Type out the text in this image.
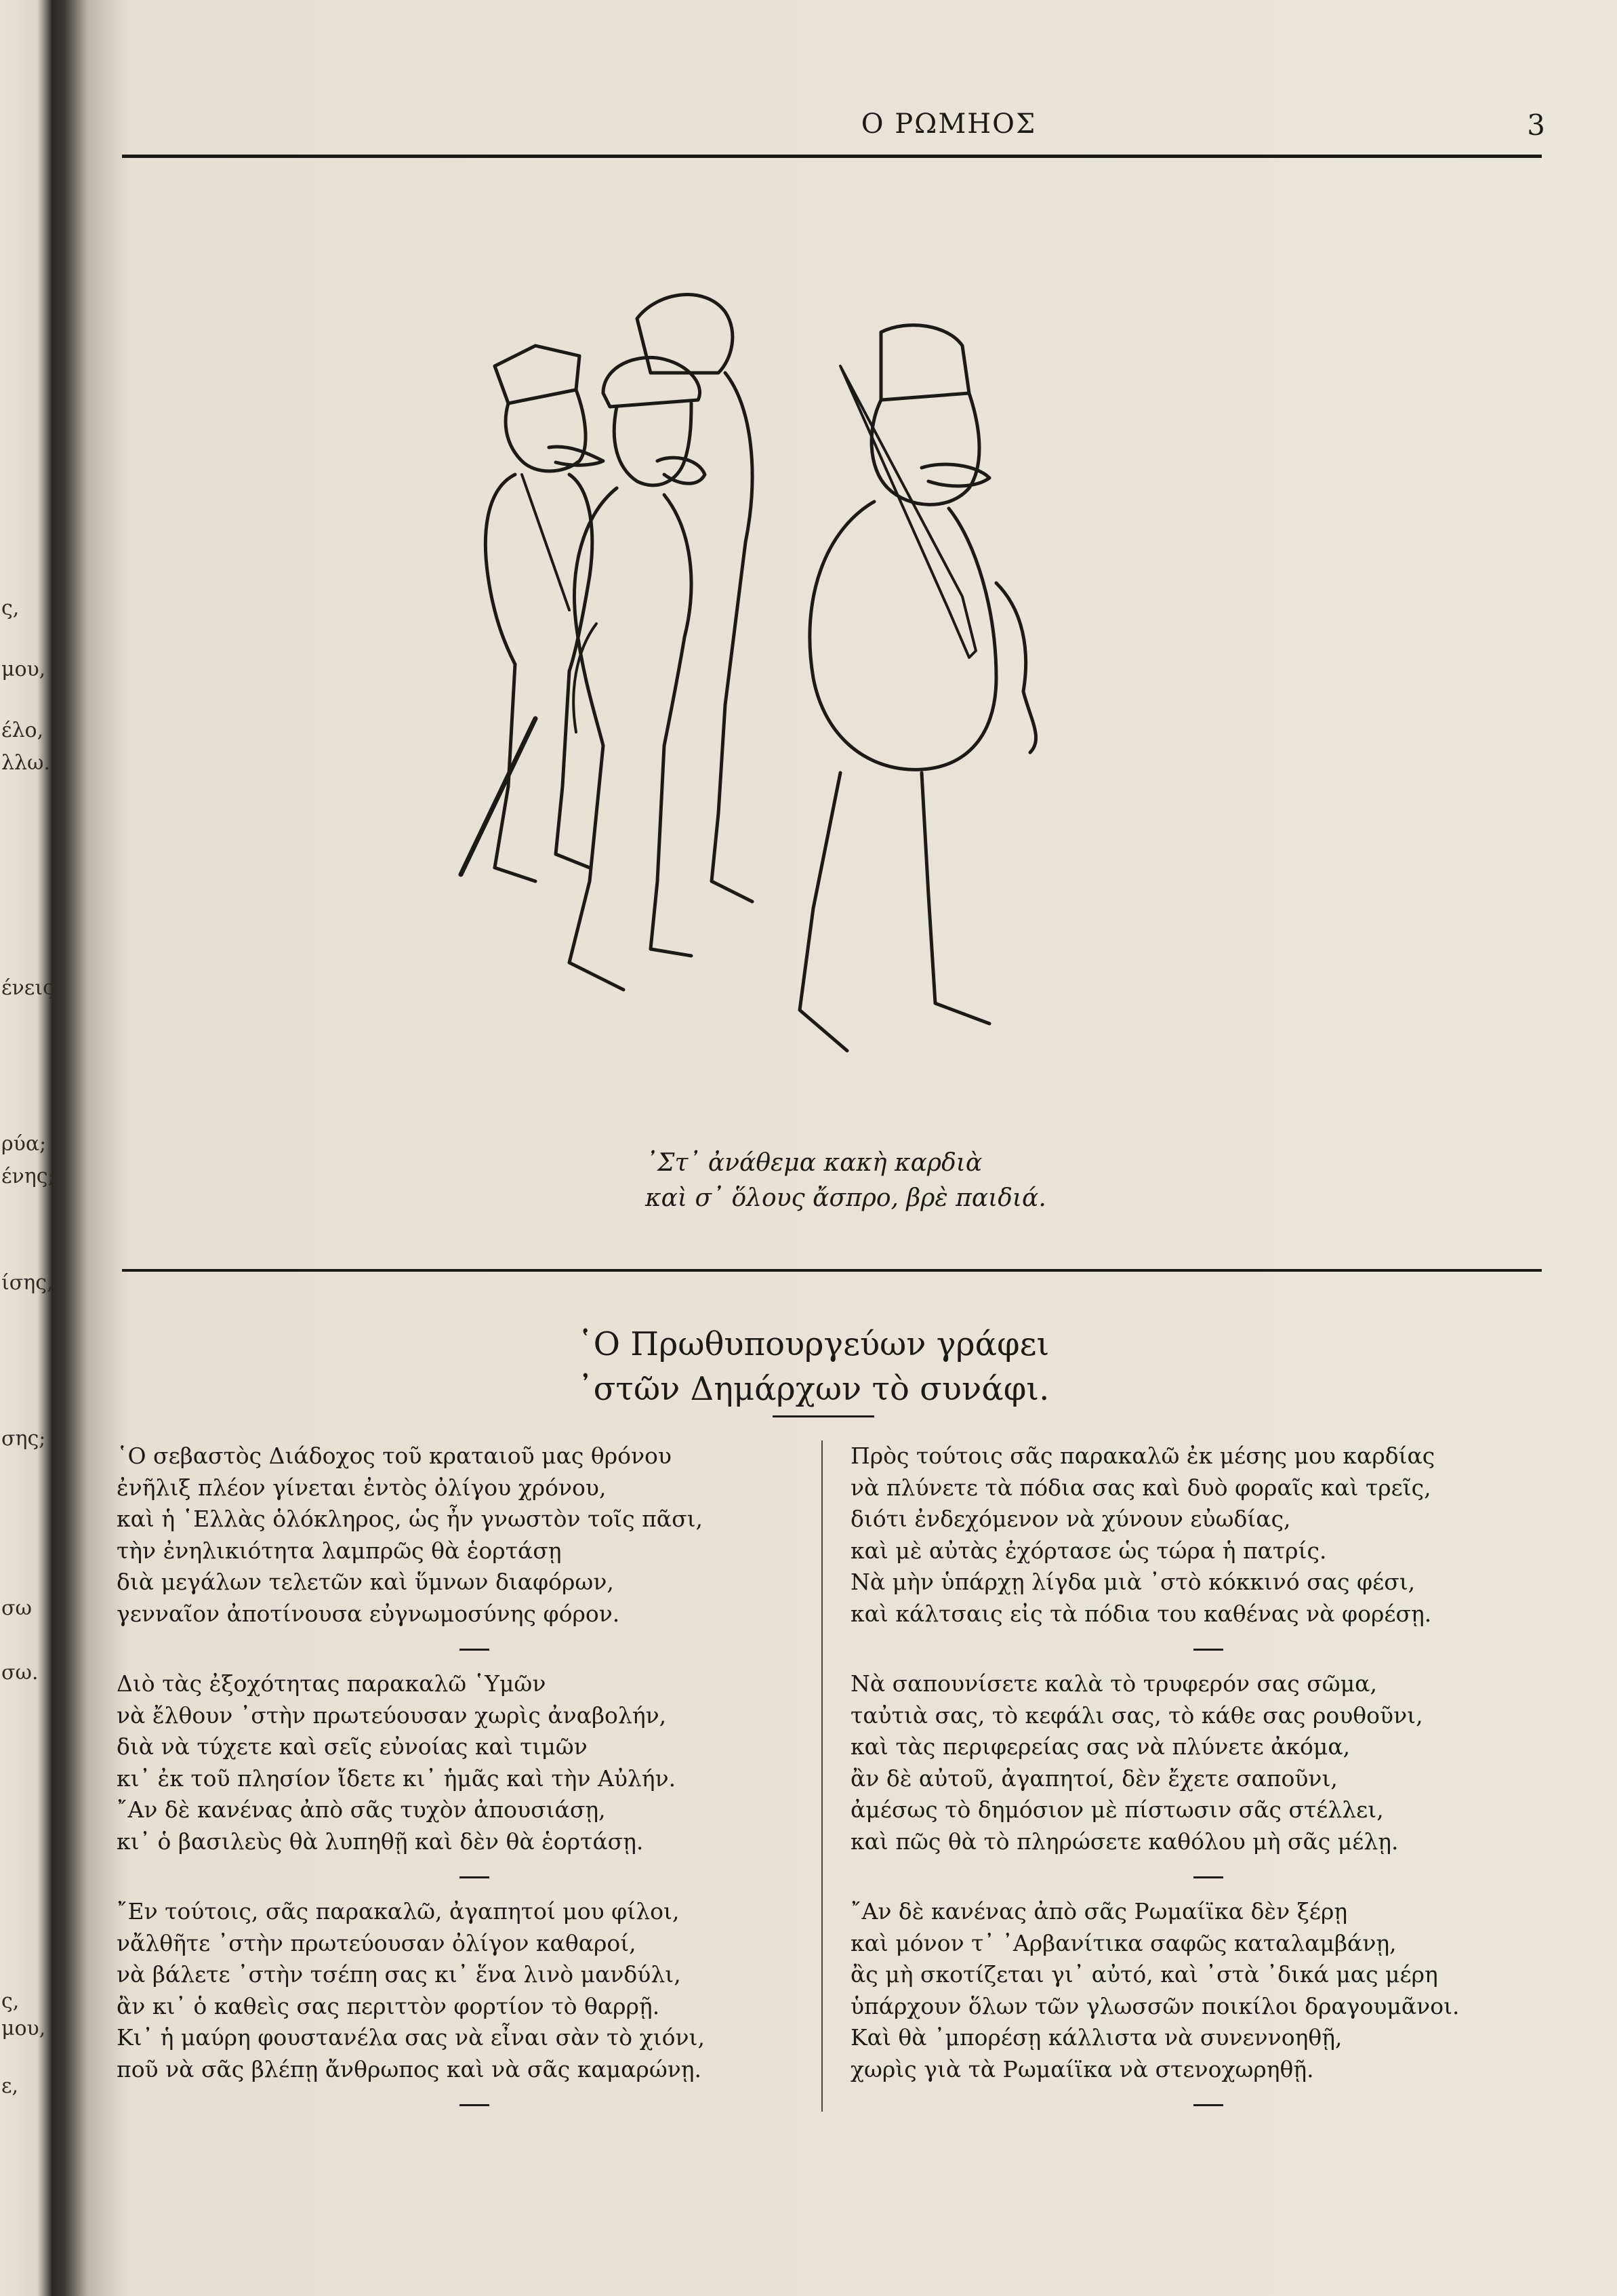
ς,
μου,
έλο,
λλω.
ένεις
ρύα;
ένης;
ίσης,
σης;
σω
σω.
ς,
μου,
ε,
Ο ΡΩΜΗΟΣ	3
᾿Στ᾿ ἀνάθεμα κακὴ καρδιὰ
καὶ σ᾿ ὅλους ἄσπρο, βρὲ παιδιά.
῾Ο Πρωθυπουργεύων γράφει
᾿στῶν Δημάρχων τὸ συνάφι.
῾Ο σεβαστὸς Διάδοχος τοῦ κραταιοῦ μας θρόνου
ἐνῆλιξ πλέον γίνεται ἐντὸς ὀλίγου χρόνου,
καὶ ἡ ῾Ελλὰς ὁλόκληρος, ὡς ἦν γνωστὸν τοῖς πᾶσι,
τὴν ἐνηλικιότητα λαμπρῶς θὰ ἑορτάσῃ
διὰ μεγάλων τελετῶν καὶ ὕμνων διαφόρων,
γενναῖον ἀποτίνουσα εὐγνωμοσύνης φόρον.
Διὸ τὰς ἐξοχότητας παρακαλῶ ῾Υμῶν
νὰ ἔλθουν ᾿στὴν πρωτεύουσαν χωρὶς ἀναβολήν,
διὰ νὰ τύχετε καὶ σεῖς εὐνοίας καὶ τιμῶν
κι᾿ ἐκ τοῦ πλησίον ἴδετε κι᾿ ἡμᾶς καὶ τὴν Αὐλήν.
῎Αν δὲ κανένας ἀπὸ σᾶς τυχὸν ἀπουσιάσῃ,
κι᾿ ὁ βασιλεὺς θὰ λυπηθῇ καὶ δὲν θὰ ἑορτάσῃ.
῎Εν τούτοις, σᾶς παρακαλῶ, ἀγαπητοί μου φίλοι,
νἄλθῆτε ᾿στὴν πρωτεύουσαν ὀλίγον καθαροί,
νὰ βάλετε ᾿στὴν τσέπη σας κι᾿ ἕνα λινὸ μανδύλι,
ἂν κι᾿ ὁ καθεὶς σας περιττὸν φορτίον τὸ θαρρῇ.
Κι᾿ ἡ μαύρη φουστανέλα σας νὰ εἶναι σὰν τὸ χιόνι,
ποῦ νὰ σᾶς βλέπῃ ἄνθρωπος καὶ νὰ σᾶς καμαρώνῃ.
Πρὸς τούτοις σᾶς παρακαλῶ ἐκ μέσης μου καρδίας
νὰ πλύνετε τὰ πόδια σας καὶ δυὸ φοραῖς καὶ τρεῖς,
διότι ἐνδεχόμενον νὰ χύνουν εὐωδίας,
καὶ μὲ αὐτὰς ἐχόρτασε ὡς τώρα ἡ πατρίς.
Νὰ μὴν ὑπάρχῃ λίγδα μιὰ ᾿στὸ κόκκινό σας φέσι,
καὶ κάλτσαις εἰς τὰ πόδια του καθένας νὰ φορέσῃ.
Νὰ σαπουνίσετε καλὰ τὸ τρυφερόν σας σῶμα,
ταὐτιὰ σας, τὸ κεφάλι σας, τὸ κάθε σας ρουθοῦνι,
καὶ τὰς περιφερείας σας νὰ πλύνετε ἀκόμα,
ἂν δὲ αὐτοῦ, ἀγαπητοί, δὲν ἔχετε σαποῦνι,
ἀμέσως τὸ δημόσιον μὲ πίστωσιν σᾶς στέλλει,
καὶ πῶς θὰ τὸ πληρώσετε καθόλου μὴ σᾶς μέλῃ.
῎Αν δὲ κανένας ἀπὸ σᾶς Ρωμαίϊκα δὲν ξέρῃ
καὶ μόνον τ᾿ ᾿Αρβανίτικα σαφῶς καταλαμβάνῃ,
ἂς μὴ σκοτίζεται γι᾿ αὐτό, καὶ ᾿στὰ ᾿δικά μας μέρη
ὑπάρχουν ὅλων τῶν γλωσσῶν ποικίλοι δραγουμᾶνοι.
Καὶ θὰ ᾿μπορέσῃ κάλλιστα νὰ συνεννοηθῇ,
χωρὶς γιὰ τὰ Ρωμαίϊκα νὰ στενοχωρηθῇ.
